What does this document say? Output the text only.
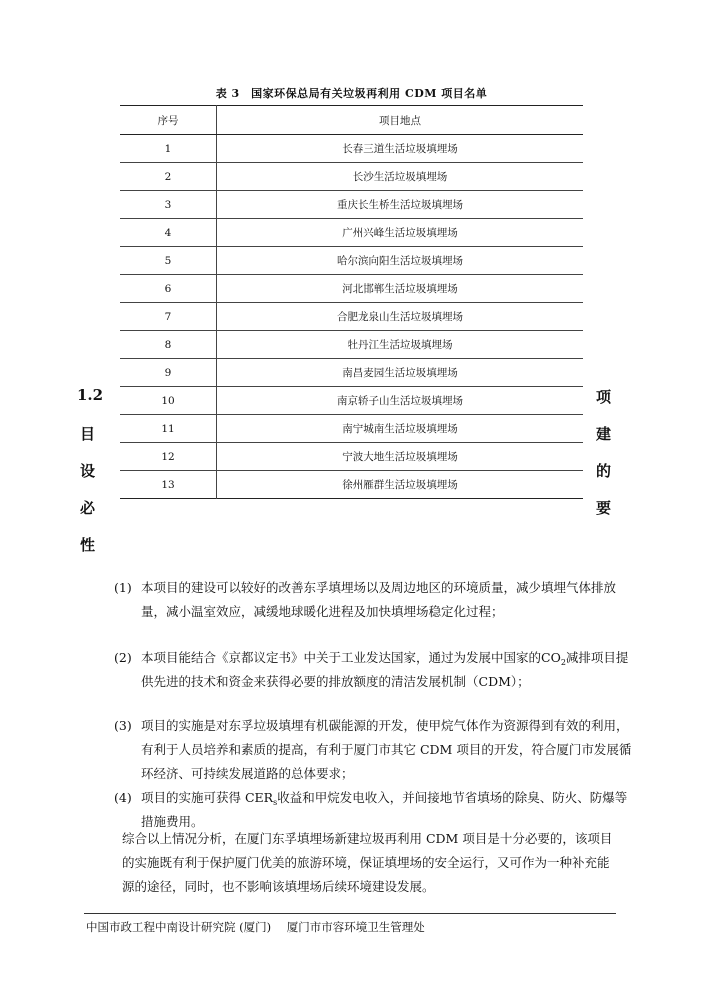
表 3　国家环保总局有关垃圾再利用 CDM 项目名单
序号	项目地点
1	长春三道生活垃圾填埋场
2	长沙生活垃圾填埋场
3	重庆长生桥生活垃圾填埋场
4	广州兴峰生活垃圾填埋场
5	哈尔滨向阳生活垃圾填埋场
6	河北邯郸生活垃圾填埋场
7	合肥龙泉山生活垃圾填埋场
8	牡丹江生活垃圾填埋场
9	南昌麦园生活垃圾填埋场
10	南京轿子山生活垃圾填埋场
11	南宁城南生活垃圾填埋场
12	宁波大地生活垃圾填埋场
13	徐州雁群生活垃圾填埋场
1.2
目
设
必
性
项
建
的
要
(1) 本项目的建设可以较好的改善东孚填埋场以及周边地区的环境质量，减少填埋气体排放量，减小温室效应，减缓地球暖化进程及加快填埋场稳定化过程；
(2) 本项目能结合《京都议定书》中关于工业发达国家，通过为发展中国家的$CO_2$减排项目提供先进的技术和资金来获得必要的排放额度的清洁发展机制（CDM）；
(3) 项目的实施是对东孚垃圾填埋有机碳能源的开发，使甲烷气体作为资源得到有效的利用，有利于人员培养和素质的提高，有利于厦门市其它 CDM 项目的开发，符合厦门市发展循环经济、可持续发展道路的总体要求；
(4) 项目的实施可获得 $CER_s$收益和甲烷发电收入，并间接地节省填场的除臭、防火、防爆等措施费用。
综合以上情况分析，在厦门东孚填埋场新建垃圾再利用 CDM 项目是十分必要的，该项目的实施既有利于保护厦门优美的旅游环境，保证填埋场的安全运行，又可作为一种补充能源的途径，同时，也不影响该填埋场后续环境建设发展。
中国市政工程中南设计研究院 (厦门) 厦门市市容环境卫生管理处
